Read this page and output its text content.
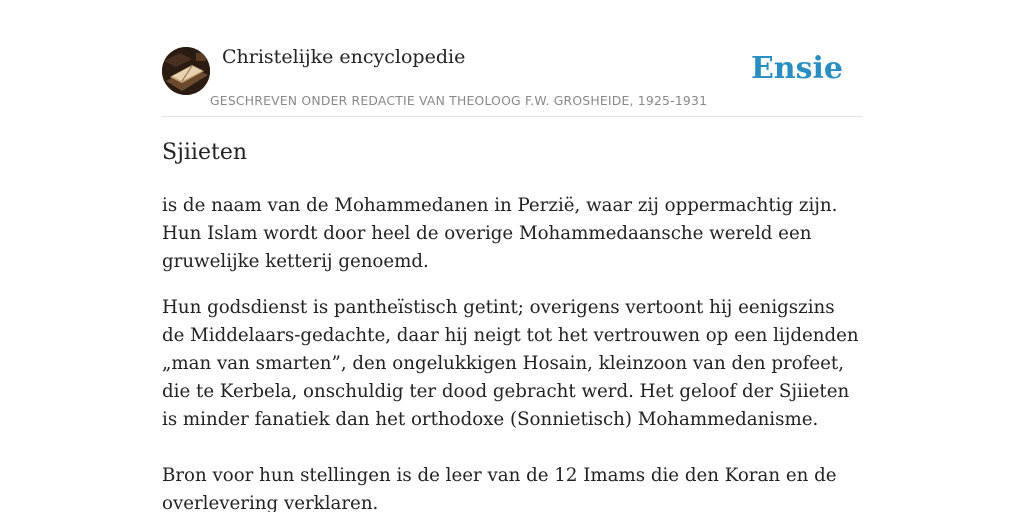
Christelijke encyclopedie
GESCHREVEN ONDER REDACTIE VAN THEOLOOG F.W. GROSHEIDE, 1925-1931
Ensie
Sjiieten

is de naam van de Mohammedanen in Perzië, waar zij oppermachtig zijn. Hun Islam wordt door heel de overige Mohammedaansche wereld een gruwelijke ketterij genoemd.

Hun godsdienst is pantheïstisch getint; overigens vertoont hij eenigszins de Middelaars-gedachte, daar hij neigt tot het vertrouwen op een lijdenden „man van smarten”, den ongelukkigen Hosain, kleinzoon van den profeet, die te Kerbela, onschuldig ter dood gebracht werd. Het geloof der Sjiieten is minder fanatiek dan het orthodoxe (Sonnietisch) Mohammedanisme.

Bron voor hun stellingen is de leer van de 12 Imams die den Koran en de overlevering verklaren.
